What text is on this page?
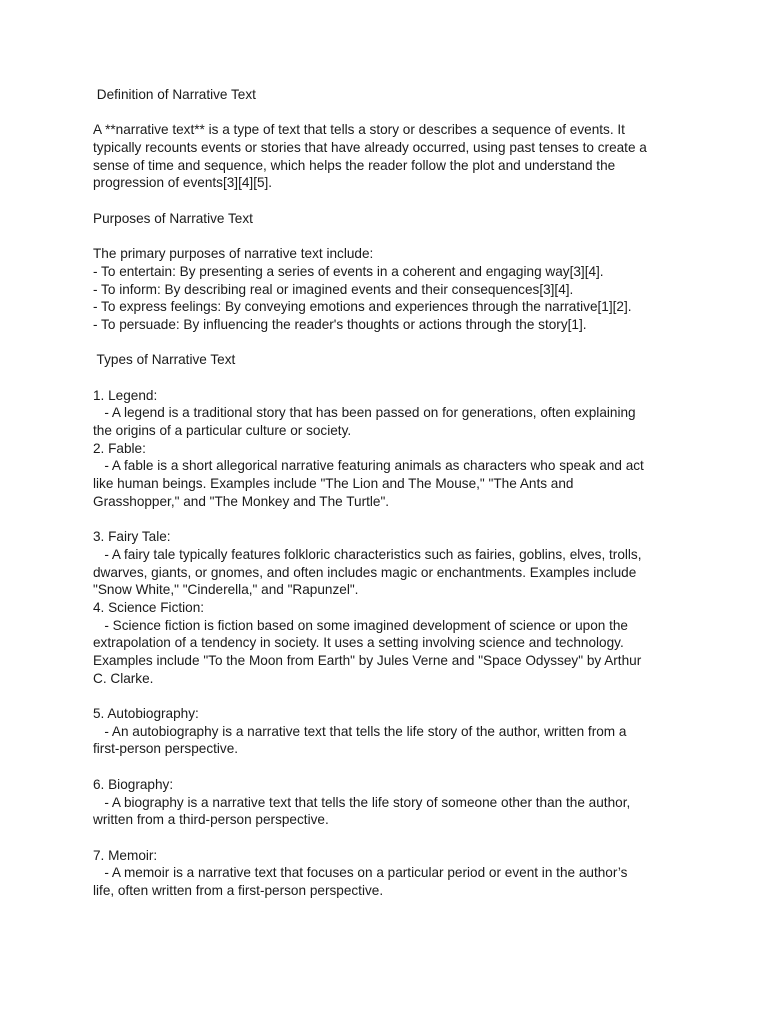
Definition of Narrative Text
A **narrative text** is a type of text that tells a story or describes a sequence of events. It
typically recounts events or stories that have already occurred, using past tenses to create a
sense of time and sequence, which helps the reader follow the plot and understand the
progression of events[3][4][5].
Purposes of Narrative Text
The primary purposes of narrative text include:
- To entertain: By presenting a series of events in a coherent and engaging way[3][4].
- To inform: By describing real or imagined events and their consequences[3][4].
- To express feelings: By conveying emotions and experiences through the narrative[1][2].
- To persuade: By influencing the reader's thoughts or actions through the story[1].
Types of Narrative Text
1. Legend:
- A legend is a traditional story that has been passed on for generations, often explaining
the origins of a particular culture or society.
2. Fable:
- A fable is a short allegorical narrative featuring animals as characters who speak and act
like human beings. Examples include "The Lion and The Mouse," "The Ants and
Grasshopper," and "The Monkey and The Turtle".
3. Fairy Tale:
- A fairy tale typically features folkloric characteristics such as fairies, goblins, elves, trolls,
dwarves, giants, or gnomes, and often includes magic or enchantments. Examples include
"Snow White," "Cinderella," and "Rapunzel".
4. Science Fiction:
- Science fiction is fiction based on some imagined development of science or upon the
extrapolation of a tendency in society. It uses a setting involving science and technology.
Examples include "To the Moon from Earth" by Jules Verne and "Space Odyssey" by Arthur
C. Clarke.
5. Autobiography:
- An autobiography is a narrative text that tells the life story of the author, written from a
first-person perspective.
6. Biography:
- A biography is a narrative text that tells the life story of someone other than the author,
written from a third-person perspective.
7. Memoir:
- A memoir is a narrative text that focuses on a particular period or event in the author’s
life, often written from a first-person perspective.
